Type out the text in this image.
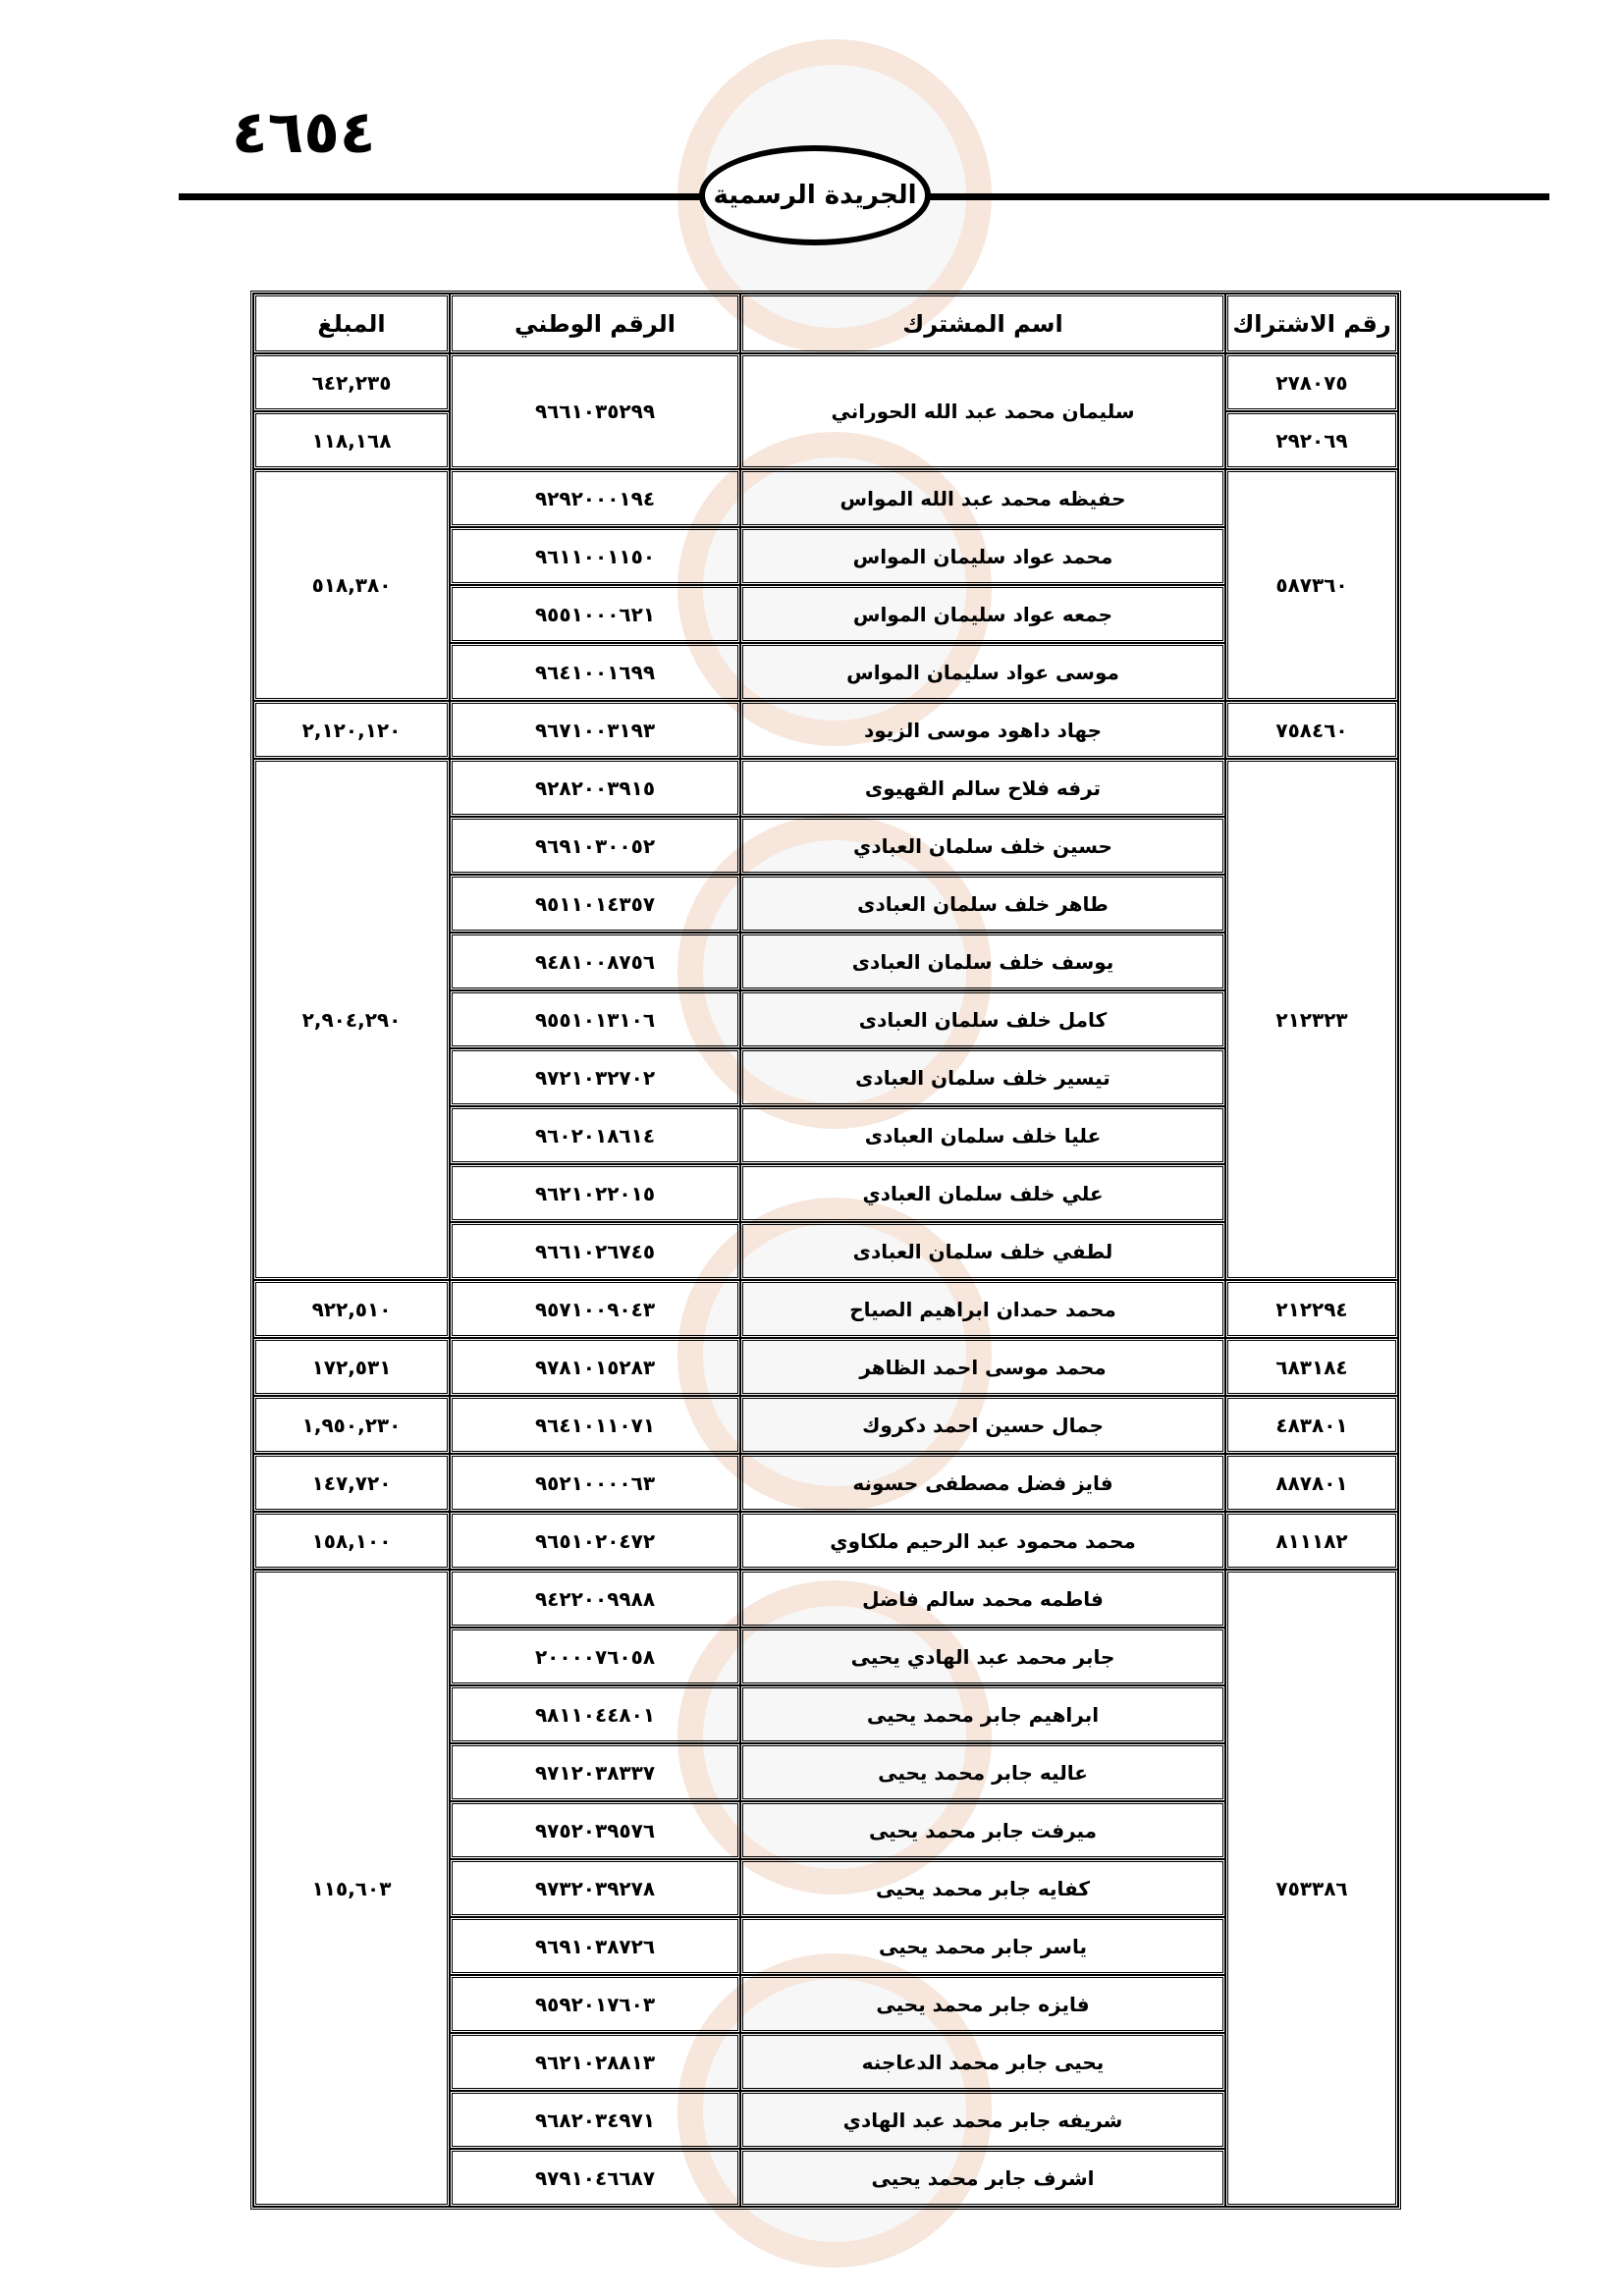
٤٦٥٤
الجريدة الرسمية
رقم الاشتراك	اسم المشترك	الرقم الوطني	المبلغ
٢٧٨٠٧٥	سليمان محمد عبد الله الحوراني	٩٦٦١٠٣٥٢٩٩	٦٤٢,٢٣٥
٢٩٢٠٦٩			١١٨,١٦٨
٥٨٧٣٦٠	حفيظه محمد عبد الله المواس	٩٢٩٢٠٠٠١٩٤	٥١٨,٣٨٠
	محمد عواد سليمان المواس	٩٦١١٠٠١١٥٠	
	جمعه عواد سليمان المواس	٩٥٥١٠٠٠٦٢١	
	موسى عواد سليمان المواس	٩٦٤١٠٠١٦٩٩	
٧٥٨٤٦٠	جهاد داهود موسى الزيود	٩٦٧١٠٠٣١٩٣	٢,١٢٠,١٢٠
٢١٢٣٢٣	ترفه فلاح سالم القهيوى	٩٢٨٢٠٠٣٩١٥	٢,٩٠٤,٢٩٠
	حسين خلف سلمان العبادي	٩٦٩١٠٣٠٠٥٢	
	طاهر خلف سلمان العبادى	٩٥١١٠١٤٣٥٧	
	يوسف خلف سلمان العبادى	٩٤٨١٠٠٨٧٥٦	
	كامل خلف سلمان العبادى	٩٥٥١٠١٣١٠٦	
	تيسير خلف سلمان العبادى	٩٧٢١٠٣٢٧٠٢	
	عليا خلف سلمان العبادى	٩٦٠٢٠١٨٦١٤	
	علي خلف سلمان العبادي	٩٦٢١٠٢٢٠١٥	
	لطفي خلف سلمان العبادى	٩٦٦١٠٢٦٧٤٥	
٢١٢٢٩٤	محمد حمدان ابراهيم الصياح	٩٥٧١٠٠٩٠٤٣	٩٢٢,٥١٠
٦٨٣١٨٤	محمد موسى احمد الظاهر	٩٧٨١٠١٥٢٨٣	١٧٢,٥٣١
٤٨٣٨٠١	جمال حسين احمد دكروك	٩٦٤١٠١١٠٧١	١,٩٥٠,٢٣٠
٨٨٧٨٠١	فايز فضل مصطفى حسونه	٩٥٢١٠٠٠٠٦٣	١٤٧,٧٢٠
٨١١١٨٢	محمد محمود عبد الرحيم ملكاوي	٩٦٥١٠٢٠٤٧٢	١٥٨,١٠٠
٧٥٣٣٨٦	فاطمه محمد سالم فاضل	٩٤٢٢٠٠٩٩٨٨	١١٥,٦٠٣
	جابر محمد عبد الهادي يحيى	٢٠٠٠٠٧٦٠٥٨	
	ابراهيم جابر محمد يحيى	٩٨١١٠٤٤٨٠١	
	عاليه جابر محمد يحيى	٩٧١٢٠٣٨٣٣٧	
	ميرفت جابر محمد يحيى	٩٧٥٢٠٣٩٥٧٦	
	كفايه جابر محمد يحيى	٩٧٣٢٠٣٩٢٧٨	
	ياسر جابر محمد يحيى	٩٦٩١٠٣٨٧٢٦	
	فايزه جابر محمد يحيى	٩٥٩٢٠١٧٦٠٣	
	يحيى جابر محمد الدعاجنه	٩٦٢١٠٢٨٨١٣	
	شريفه جابر محمد عبد الهادي	٩٦٨٢٠٣٤٩٧١	
	اشرف جابر محمد يحيى	٩٧٩١٠٤٦٦٨٧	
